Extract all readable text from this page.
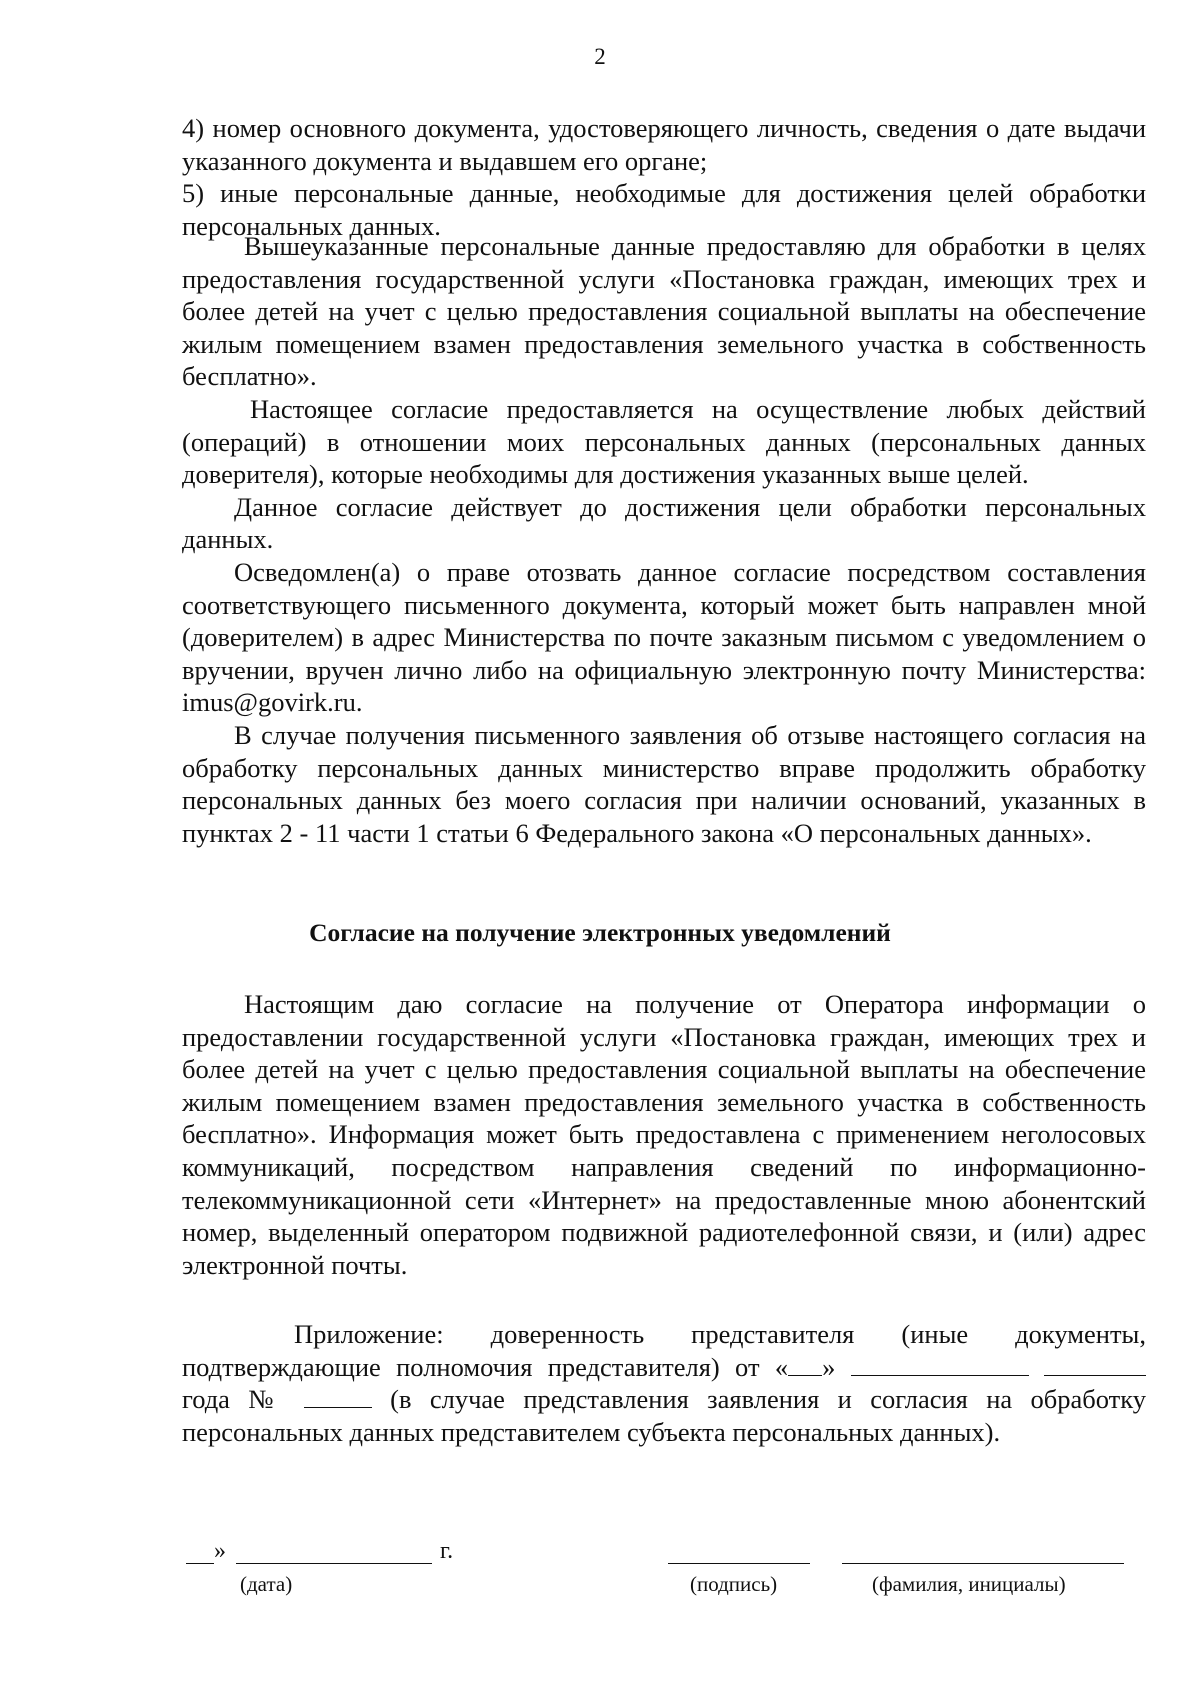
2

4) номер основного документа, удостоверяющего личность, сведения о дате выдачи указанного документа и выдавшем его органе;

5) иные персональные данные, необходимые для достижения целей обработки персональных данных.

Вышеуказанные персональные данные предоставляю для обработки в целях предоставления государственной услуги «Постановка граждан, имеющих трех и более детей на учет с целью предоставления социальной выплаты на обеспечение жилым помещением взамен предоставления земельного участка в собственность бесплатно».

Настоящее согласие предоставляется на осуществление любых действий (операций) в отношении моих персональных данных (персональных данных доверителя), которые необходимы для достижения указанных выше целей.

Данное согласие действует до достижения цели обработки персональных данных.

Осведомлен(а) о праве отозвать данное согласие посредством составления соответствующего письменного документа, который может быть направлен мной (доверителем) в адрес Министерства по почте заказным письмом с уведомлением о вручении, вручен лично либо на официальную электронную почту Министерства: imus@govirk.ru.

В случае получения письменного заявления об отзыве настоящего согласия на обработку персональных данных министерство вправе продолжить обработку персональных данных без моего согласия при наличии оснований, указанных в пунктах 2 - 11 части 1 статьи 6 Федерального закона «О персональных данных».

Согласие на получение электронных уведомлений

Настоящим даю согласие на получение от Оператора информации о предоставлении государственной услуги «Постановка граждан, имеющих трех и более детей на учет с целью предоставления социальной выплаты на обеспечение жилым помещением взамен предоставления земельного участка в собственность бесплатно». Информация может быть предоставлена с применением неголосовых коммуникаций, посредством направления сведений по информационно-телекоммуникационной сети «Интернет» на предоставленные мною абонентский номер, выделенный оператором подвижной радиотелефонной связи, и (или) адрес электронной почты.

Приложение: доверенность представителя (иные документы, подтверждающие полномочия представителя) от « »   года №	(в случае представления заявления и согласия на обработку персональных данных представителем субъекта персональных данных).

»	г.
(дата)	(подпись)	(фамилия, инициалы)
